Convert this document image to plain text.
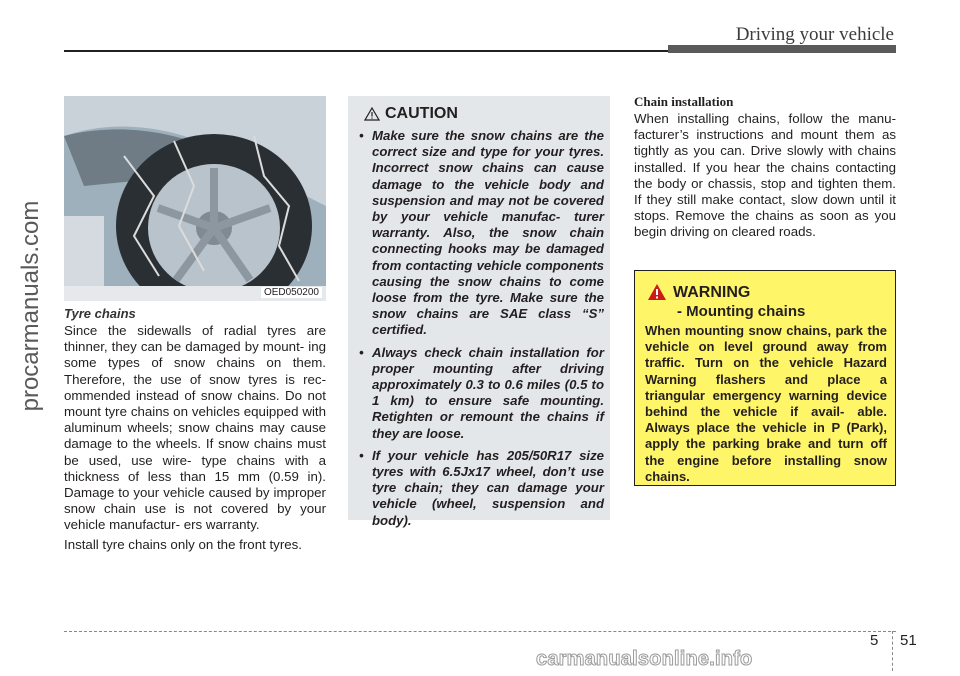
Driving your vehicle
procarmanuals.com	OED050200
Tyre chains

Since the sidewalls of radial tyres are thinner, they can be damaged by mount- ing some types of snow chains on them. Therefore, the use of snow tyres is rec- ommended instead of snow chains. Do not mount tyre chains on vehicles equipped with aluminum wheels; snow chains may cause damage to the wheels. If snow chains must be used, use wire- type chains with a thickness of less than 15 mm (0.59 in). Damage to your vehicle caused by improper snow chain use is not covered by your vehicle manufactur- ers warranty.

Install tyre chains only on the front tyres.

CAUTION
• Make sure the snow chains are the correct size and type for your tyres. Incorrect snow chains can cause damage to the vehicle body and suspension and may not be covered by your vehicle manufac- turer warranty. Also, the snow chain connecting hooks may be damaged from contacting vehicle components causing the snow chains to come loose from the tyre. Make sure the snow chains are SAE class “S” certified.
• Always check chain installation for proper mounting after driving approximately 0.3 to 0.6 miles (0.5 to 1 km) to ensure safe mounting. Retighten or remount the chains if they are loose.
• If your vehicle has 205/50R17 size tyres with 6.5Jx17 wheel, don’t use tyre chain; they can damage your vehicle (wheel, suspension and body).
Chain installation

When installing chains, follow the manu- facturer’s instructions and mount them as tightly as you can. Drive slowly with chains installed. If you hear the chains contacting the body or chassis, stop and tighten them. If they still make contact, slow down until it stops. Remove the chains as soon as you begin driving on cleared roads.

WARNING
- Mounting chains

When mounting snow chains, park the vehicle on level ground away from traffic. Turn on the vehicle Hazard Warning flashers and place a triangular emergency warning device behind the vehicle if avail- able. Always place the vehicle in P (Park), apply the parking brake and turn off the engine before installing snow chains.

5 51
carmanualsonline.info
